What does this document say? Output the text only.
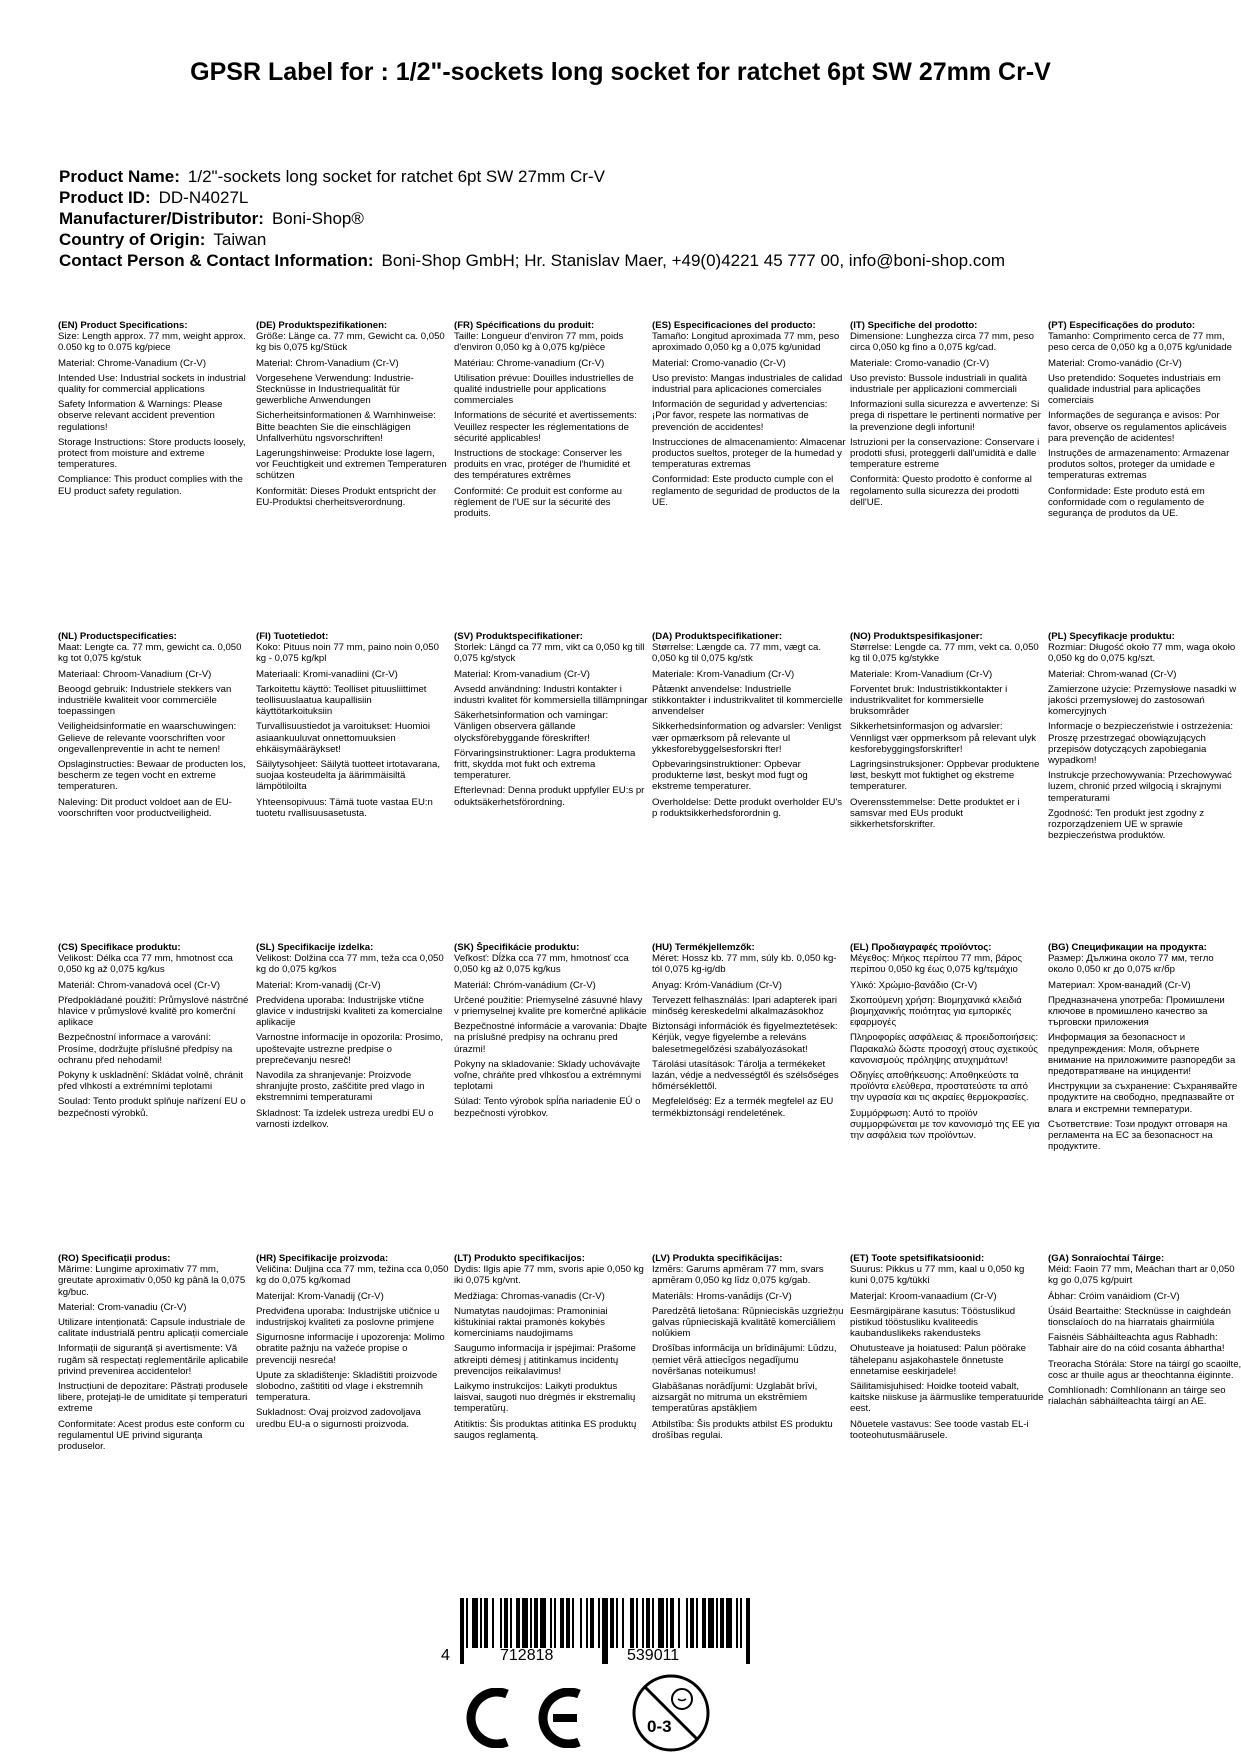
GPSR Label for : 1/2"-sockets long socket for ratchet 6pt SW 27mm Cr-V
Product Name: 1/2"-sockets long socket for ratchet 6pt SW 27mm Cr-V
Product ID: DD-N4027L
Manufacturer/Distributor: Boni-Shop®
Country of Origin: Taiwan
Contact Person & Contact Information: Boni-Shop GmbH; Hr. Stanislav Maer, +49(0)4221 45 777 00, info@boni-shop.com
(EN) Product Specifications:
Size: Length approx. 77 mm, weight approx. 0.050 kg to 0.075 kg/piece
Material: Chrome-Vanadium (Cr-V)
Intended Use: Industrial sockets in industrial quality for commercial applications
Safety Information & Warnings: Please observe relevant accident prevention regulations!
Storage Instructions: Store products loosely, protect from moisture and extreme temperatures.
Compliance: This product complies with the EU product safety regulation.
(DE) Produktspezifikationen:
Größe: Länge ca. 77 mm, Gewicht ca. 0,050 kg bis 0,075 kg/Stück
Material: Chrom-Vanadium (Cr-V)
Vorgesehene Verwendung: Industrie-Stecknüsse in Industriequalität für gewerbliche Anwendungen
Sicherheitsinformationen & Warnhinweise: Bitte beachten Sie die einschlägigen Unfallverhütu ngsvorschriften!
Lagerungshinweise: Produkte lose lagern, vor Feuchtigkeit und extremen Temperaturen schützen
Konformität: Dieses Produkt entspricht der EU-Produktsi cherheitsverordnung.
(FR) Spécifications du produit:
Taille: Longueur d'environ 77 mm, poids d'environ 0,050 kg à 0,075 kg/pièce
Matériau: Chrome-vanadium (Cr-V)
Utilisation prévue: Douilles industrielles de qualité industrielle pour applications commerciales
Informations de sécurité et avertissements: Veuillez respecter les réglementations de sécurité applicables!
Instructions de stockage: Conserver les produits en vrac, protéger de l'humidité et des températures extrêmes
Conformité: Ce produit est conforme au règlement de l'UE sur la sécurité des produits.
(ES) Especificaciones del producto:
Tamaño: Longitud aproximada 77 mm, peso aproximado 0,050 kg a 0,075 kg/unidad
Material: Cromo-vanadio (Cr-V)
Uso previsto: Mangas industriales de calidad industrial para aplicaciones comerciales
Información de seguridad y advertencias: ¡Por favor, respete las normativas de prevención de accidentes!
Instrucciones de almacenamiento: Almacenar productos sueltos, proteger de la humedad y temperaturas extremas
Conformidad: Este producto cumple con el reglamento de seguridad de productos de la UE.
(IT) Specifiche del prodotto:
Dimensione: Lunghezza circa 77 mm, peso circa 0,050 kg fino a 0,075 kg/cad.
Materiale: Cromo-vanadio (Cr-V)
Uso previsto: Bussole industriali in qualità industriale per applicazioni commerciali
Informazioni sulla sicurezza e avvertenze: Si prega di rispettare le pertinenti normative per la prevenzione degli infortuni!
Istruzioni per la conservazione: Conservare i prodotti sfusi, proteggerli dall'umidità e dalle temperature estreme
Conformità: Questo prodotto è conforme al regolamento sulla sicurezza dei prodotti dell'UE.
(PT) Especificações do produto:
Tamanho: Comprimento cerca de 77 mm, peso cerca de 0,050 kg a 0,075 kg/unidade
Material: Cromo-vanádio (Cr-V)
Uso pretendido: Soquetes industriais em qualidade industrial para aplicações comerciais
Informações de segurança e avisos: Por favor, observe os regulamentos aplicáveis para prevenção de acidentes!
Instruções de armazenamento: Armazenar produtos soltos, proteger da umidade e temperaturas extremas
Conformidade: Este produto está em conformidade com o regulamento de segurança de produtos da UE.
(NL) Productspecificaties:
Maat: Lengte ca. 77 mm, gewicht ca. 0,050 kg tot 0,075 kg/stuk
Materiaal: Chroom-Vanadium (Cr-V)
Beoogd gebruik: Industriele stekkers van industriële kwaliteit voor commerciële toepassingen
Veiligheidsinformatie en waarschuwingen: Gelieve de relevante voorschriften voor ongevallenpreventie in acht te nemen!
Opslaginstructies: Bewaar de producten los, bescherm ze tegen vocht en extreme temperaturen.
Naleving: Dit product voldoet aan de EU-voorschriften voor productveiligheid.
(FI) Tuotetiedot:
Koko: Pituus noin 77 mm, paino noin 0,050 kg - 0,075 kg/kpl
Materiaali: Kromi-vanadiini (Cr-V)
Tarkoitettu käyttö: Teolliset pituusliittimet teollisuuslaatua kaupallisiin käyttötarkoituksiin
Turvallisuustiedot ja varoitukset: Huomioi asiaankuuluvat onnettomuuksien ehkäisymääräykset!
Säilytysohjeet: Säilytä tuotteet irtotavarana, suojaa kosteudelta ja äärimmäisiltä lämpötiloilta
Yhteensopivuus: Tämä tuote vastaa EU:n tuotetu rvallisuusasetusta.
(SV) Produktspecifikationer:
Storlek: Längd ca 77 mm, vikt ca 0,050 kg till 0,075 kg/styck
Material: Krom-vanadium (Cr-V)
Avsedd användning: Industri kontakter i industri kvalitet för kommersiella tillämpningar
Säkerhetsinformation och varningar: Vänligen observera gällande olycksförebyggande föreskrifter!
Förvaringsinstruktioner: Lagra produkterna fritt, skydda mot fukt och extrema temperaturer.
Efterlevnad: Denna produkt uppfyller EU:s pr oduktsäkerhetsförordning.
(DA) Produktspecifikationer:
Størrelse: Længde ca. 77 mm, vægt ca. 0,050 kg til 0,075 kg/stk
Materiale: Krom-Vanadium (Cr-V)
Påtænkt anvendelse: Industrielle stikkontakter i industrikvalitet til kommercielle anvendelser
Sikkerhedsinformation og advarsler: Venligst vær opmærksom på relevante ul ykkesforebyggelsesforskri fter!
Opbevaringsinstruktioner: Opbevar produkterne løst, beskyt mod fugt og ekstreme temperaturer.
Overholdelse: Dette produkt overholder EU's p roduktsikkerhedsforordnin g.
(NO) Produktspesifikasjoner:
Størrelse: Lengde ca. 77 mm, vekt ca. 0,050 kg til 0,075 kg/stykke
Materiale: Krom-Vanadium (Cr-V)
Forventet bruk: Industristikkontakter i industrikvalitet for kommersielle bruksområder
Sikkerhetsinformasjon og advarsler: Vennligst vær oppmerksom på relevant ulyk kesforebyggingsforskrifter!
Lagringsinstruksjoner: Oppbevar produktene løst, beskytt mot fuktighet og ekstreme temperaturer.
Overensstemmelse: Dette produktet er i samsvar med EUs produkt sikkerhetsforskrifter.
(PL) Specyfikacje produktu:
Rozmiar: Długość około 77 mm, waga około 0,050 kg do 0,075 kg/szt.
Materiał: Chrom-wanad (Cr-V)
Zamierzone użycie: Przemysłowe nasadki w jakości przemysłowej do zastosowań komercyjnych
Informacje o bezpieczeństwie i ostrzeżenia: Proszę przestrzegać obowiązujących przepisów dotyczących zapobiegania wypadkom!
Instrukcje przechowywania: Przechowywać luzem, chronić przed wilgocią i skrajnymi temperaturami
Zgodność: Ten produkt jest zgodny z rozporządzeniem UE w sprawie bezpieczeństwa produktów.
(CS) Specifikace produktu:
Velikost: Délka cca 77 mm, hmotnost cca 0,050 kg až 0,075 kg/kus
Materiál: Chrom-vanadová ocel (Cr-V)
Předpokládané použití: Průmyslové nástrčné hlavice v průmyslové kvalitě pro komerční aplikace
Bezpečnostní informace a varování: Prosíme, dodržujte příslušné předpisy na ochranu před nehodami!
Pokyny k uskladnění: Skládat volně, chránit před vlhkostí a extrémními teplotami
Soulad: Tento produkt splňuje nařízení EU o bezpečnosti výrobků.
(SL) Specifikacije izdelka:
Velikost: Dolžina cca 77 mm, teža cca 0,050 kg do 0,075 kg/kos
Material: Krom-vanadij (Cr-V)
Predvidena uporaba: Industrijske vtične glavice v industrijski kvaliteti za komercialne aplikacije
Varnostne informacije in opozorila: Prosimo, upoštevajte ustrezne predpise o preprečevanju nesreč!
Navodila za shranjevanje: Proizvode shranjujte prosto, zaščitite pred vlago in ekstremnimi temperaturami
Skladnost: Ta izdelek ustreza uredbi EU o varnosti izdelkov.
(SK) Špecifikácie produktu:
Veľkosť: Dĺžka cca 77 mm, hmotnosť cca 0,050 kg až 0,075 kg/kus
Materiál: Chróm-vanádium (Cr-V)
Určené použitie: Priemyselné zásuvné hlavy v priemyselnej kvalite pre komerčné aplikácie
Bezpečnostné informácie a varovania: Dbajte na príslušné predpisy na ochranu pred úrazmi!
Pokyny na skladovanie: Sklady uchovávajte voľne, chráňte pred vlhkosťou a extrémnymi teplotami
Súlad: Tento výrobok spĺňa nariadenie EÚ o bezpečnosti výrobkov.
(HU) Termékjellemzők:
Méret: Hossz kb. 77 mm, súly kb. 0,050 kg-tól 0,075 kg-ig/db
Anyag: Króm-Vanádium (Cr-V)
Tervezett felhasználás: Ipari adapterek ipari minőség kereskedelmi alkalmazásokhoz
Biztonsági információk és figyelmeztetések: Kérjük, vegye figyelembe a releváns balesetmegelőzési szabályozásokat!
Tárolási utasítások: Tárolja a termékeket lazán, védje a nedvességtől és szélsőséges hőmérséklettől.
Megfelelőség: Ez a termék megfelel az EU termékbiztonsági rendeletének.
(EL) Προδιαγραφές προϊόντος:
Μέγεθος: Μήκος περίπου 77 mm, βάρος περίπου 0,050 kg έως 0,075 kg/τεμάχιο
Υλικό: Χρώμιο-βανάδιο (Cr-V)
Σκοπούμενη χρήση: Βιομηχανικά κλειδιά βιομηχανικής ποιότητας για εμπορικές εφαρμογές
Πληροφορίες ασφάλειας & προειδοποιήσεις: Παρακαλώ δώστε προσοχή στους σχετικούς κανονισμούς πρόληψης ατυχημάτων!
Οδηγίες αποθήκευσης: Αποθηκεύστε τα προϊόντα ελεύθερα, προστατεύστε τα από την υγρασία και τις ακραίες θερμοκρασίες.
Συμμόρφωση: Αυτό το προϊόν συμμορφώνεται με τον κανονισμό της ΕΕ για την ασφάλεια των προϊόντων.
(BG) Спецификации на продукта:
Размер: Дължина около 77 мм, тегло около 0,050 кг до 0,075 кг/бр
Материал: Хром-ванадий (Cr-V)
Предназначена употреба: Промишлени ключове в промишлено качество за търговски приложения
Информация за безопасност и предупреждения: Моля, обърнете внимание на приложимите разпоредби за предотвратяване на инциденти!
Инструкции за съхранение: Съхранявайте продуктите на свободно, предпазвайте от влага и екстремни температури.
Съответствие: Този продукт отговаря на регламента на ЕС за безопасност на продуктите.
(RO) Specificații produs:
Mărime: Lungime aproximativ 77 mm, greutate aproximativ 0,050 kg până la 0,075 kg/buc.
Material: Crom-vanadiu (Cr-V)
Utilizare intenționată: Capsule industriale de calitate industrială pentru aplicații comerciale
Informații de siguranță și avertismente: Vă rugăm să respectați reglementările aplicabile privind prevenirea accidentelor!
Instrucțiuni de depozitare: Păstrați produsele libere, protejați-le de umiditate și temperaturi extreme
Conformitate: Acest produs este conform cu regulamentul UE privind siguranța produselor.
(HR) Specifikacije proizvoda:
Veličina: Duljina cca 77 mm, težina cca 0,050 kg do 0,075 kg/komad
Materijal: Krom-Vanadij (Cr-V)
Predviđena uporaba: Industrijske utičnice u industrijskoj kvaliteti za poslovne primjene
Sigurnosne informacije i upozorenja: Molimo obratite pažnju na važeće propise o prevenciji nesreća!
Upute za skladištenje: Skladištiti proizvode slobodno, zaštititi od vlage i ekstremnih temperatura.
Sukladnost: Ovaj proizvod zadovoljava uredbu EU-a o sigurnosti proizvoda.
(LT) Produkto specifikacijos:
Dydis: Ilgis apie 77 mm, svoris apie 0,050 kg iki 0,075 kg/vnt.
Medžiaga: Chromas-vanadis (Cr-V)
Numatytas naudojimas: Pramoniniai kištukiniai raktai pramonės kokybės komerciniams naudojimams
Saugumo informacija ir įspėjimai: Prašome atkreipti dėmesį į atitinkamus incidentų prevencijos reikalavimus!
Laikymo instrukcijos: Laikyti produktus laisvai, saugoti nuo drėgmės ir ekstremalių temperatūrų.
Atitiktis: Šis produktas atitinka ES produktų saugos reglamentą.
(LV) Produkta specifikācijas:
Izmērs: Garums apmēram 77 mm, svars apmēram 0,050 kg līdz 0,075 kg/gab.
Materiāls: Hroms-vanādijs (Cr-V)
Paredzētā lietošana: Rūpnieciskās uzgriežņu galvas rūpnieciskajā kvalitātē komerciāliem nolūkiem
Drošības informācija un brīdinājumi: Lūdzu, ņemiet vērā attiecīgos negadījumu novēršanas noteikumus!
Glabāšanas norādījumi: Uzglabāt brīvi, aizsargāt no mitruma un ekstrēmiem temperatūras apstākļiem
Atbilstība: Šis produkts atbilst ES produktu drošības regulai.
(ET) Toote spetsifikatsioonid:
Suurus: Pikkus u 77 mm, kaal u 0,050 kg kuni 0,075 kg/tükki
Materjal: Kroom-vanaadium (Cr-V)
Eesmärgipärane kasutus: Tööstuslikud pistikud tööstusliku kvaliteedis kaubanduslikeks rakendusteks
Ohutusteave ja hoiatused: Palun pöörake tähelepanu asjakohastele õnnetuste ennetamise eeskirjadele!
Säilitamisjuhised: Hoidke tooteid vabalt, kaitske niiskuse ja äärmuslike temperatuuride eest.
Nõuetele vastavus: See toode vastab EL-i tooteohutusmäärusele.
(GA) Sonraíochtaí Táirge:
Méid: Faoin 77 mm, Meáchan thart ar 0,050 kg go 0,075 kg/puirt
Ábhar: Cróim vanáidiom (Cr-V)
Úsáid Beartaithe: Stecknüsse in caighdeán tionsclaíoch do na hiarratais ghairmiúla
Faisnéis Sábháilteachta agus Rabhadh: Tabhair aire do na cóid cosanta ábhartha!
Treoracha Stórála: Store na táirgí go scaoilte, cosc ar thuile agus ar theochtanna éiginnte.
Comhlíonadh: Comhlíonann an táirge seo rialachán sábháilteachta táirgí an AE.
4	712818	539011
0-3
